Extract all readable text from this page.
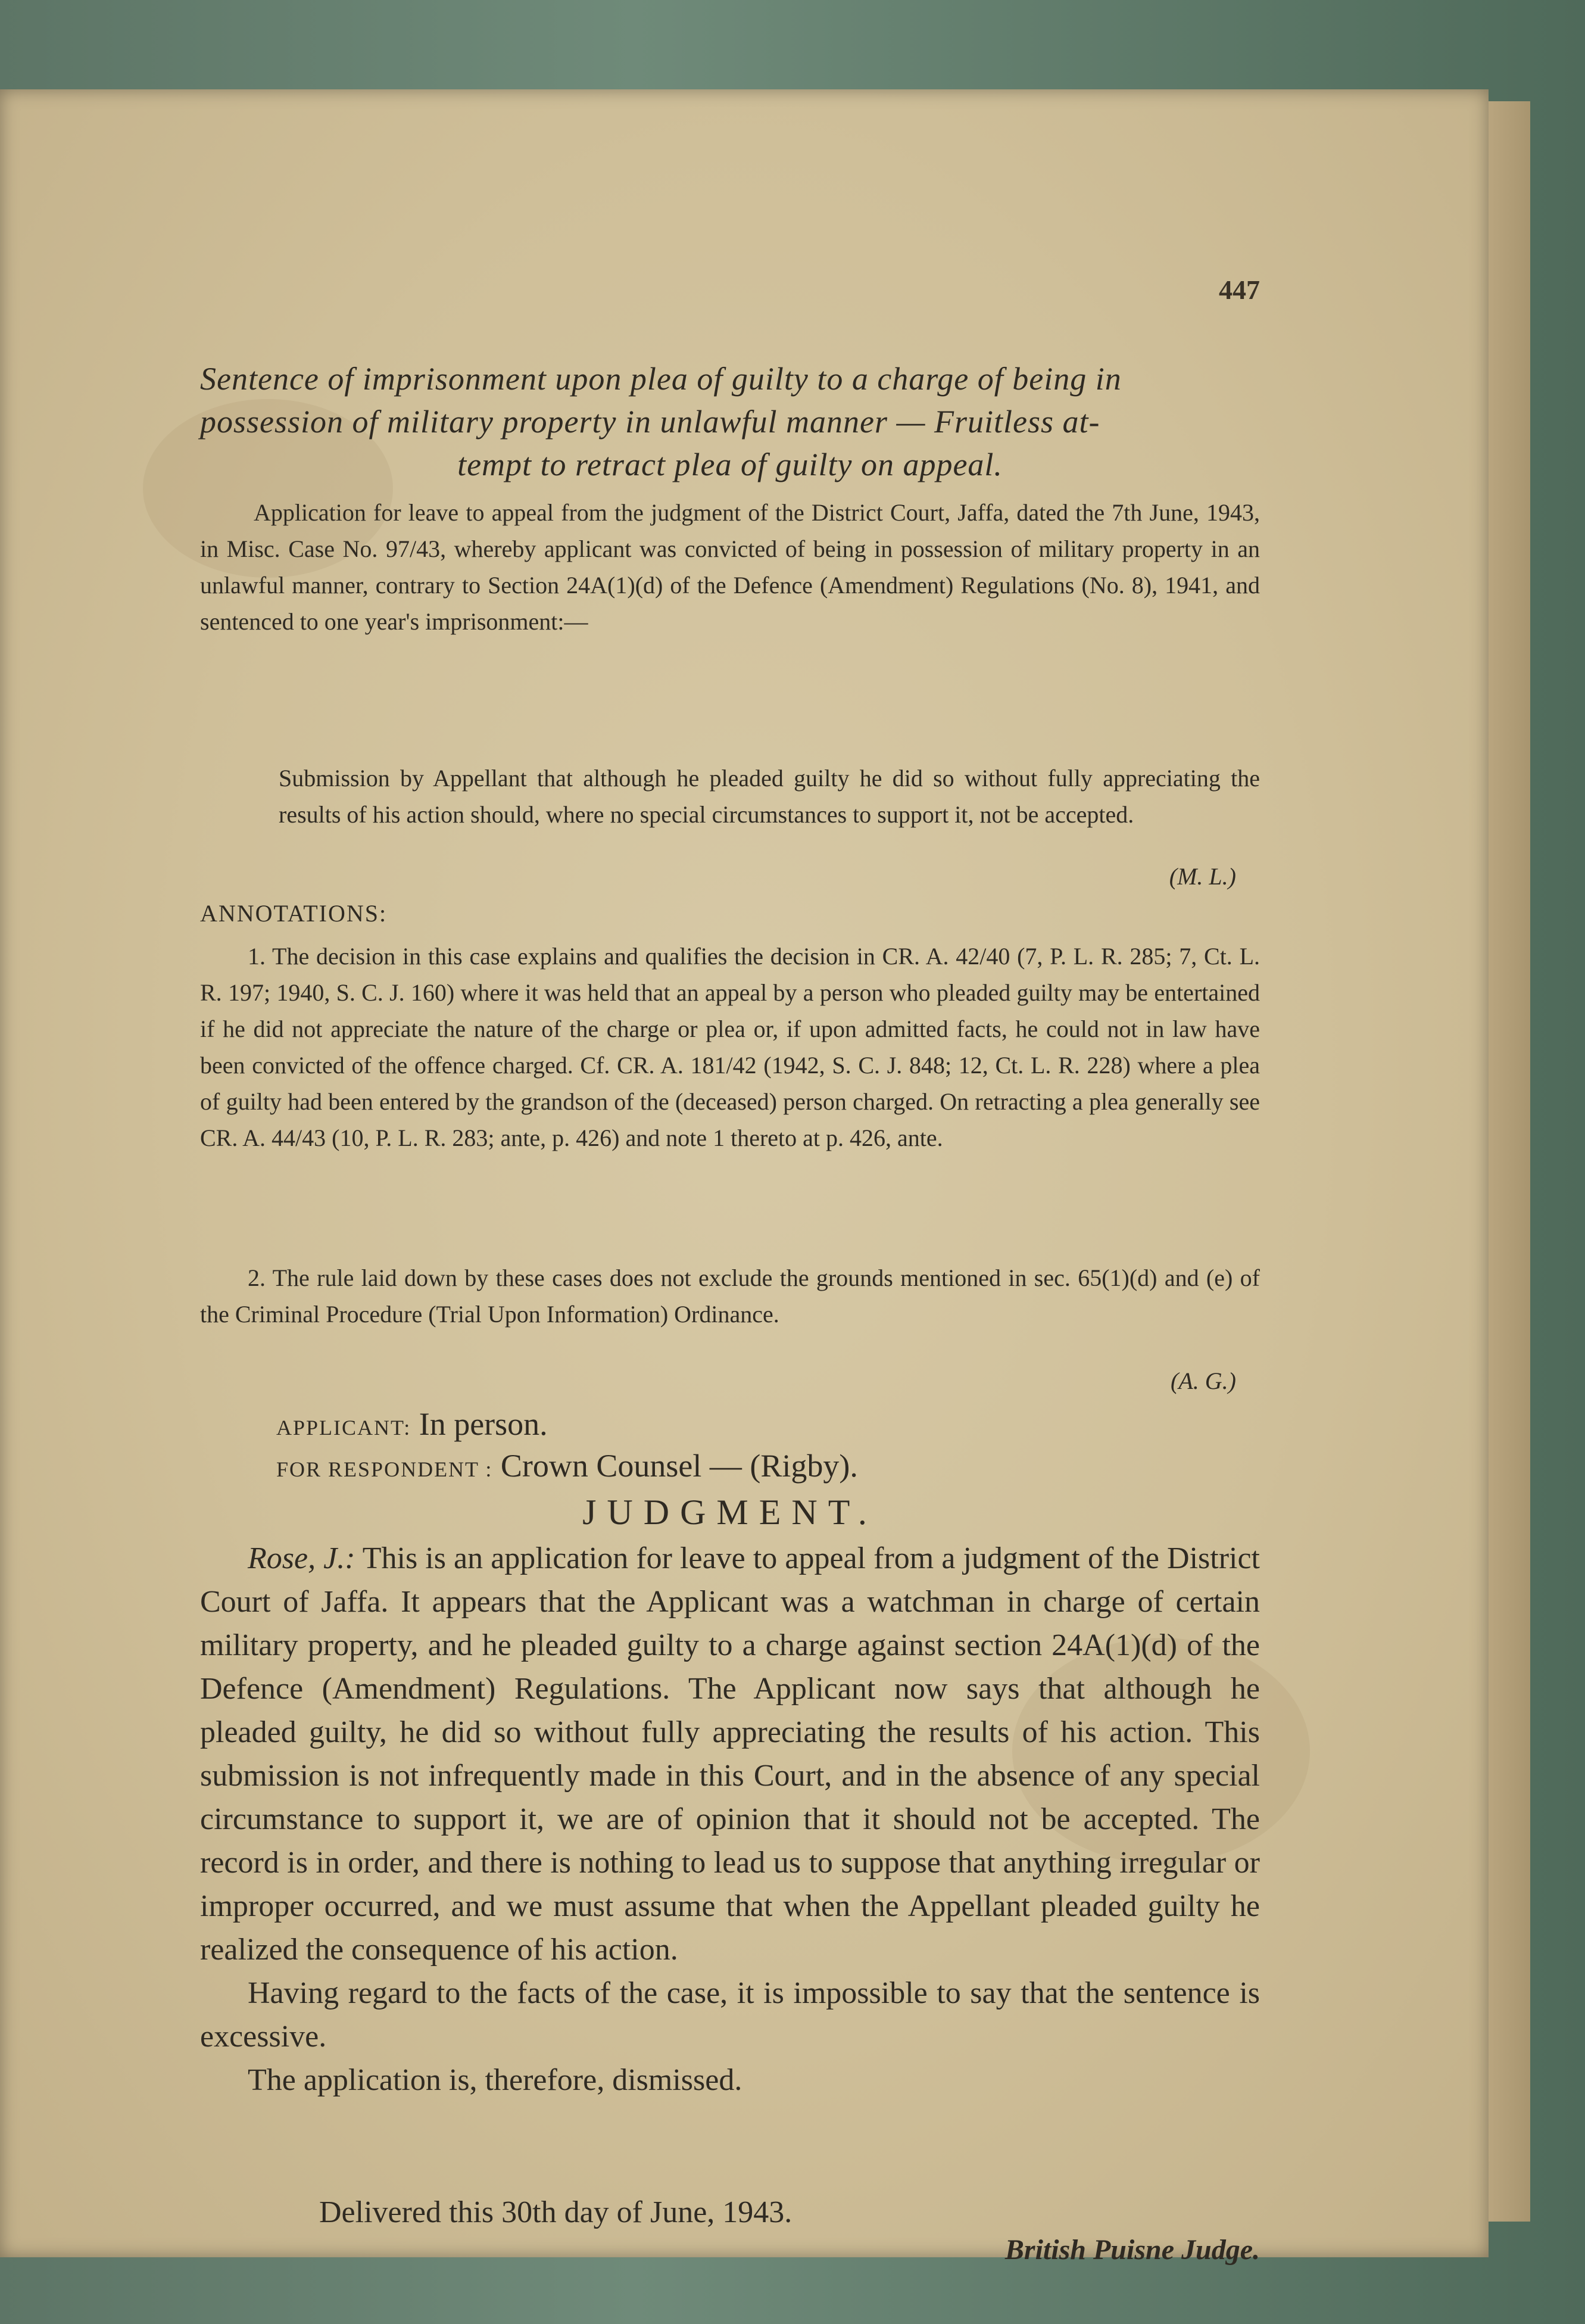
447
Sentence of imprisonment upon plea of guilty to a charge of being in
possession of military property in unlawful manner — Fruitless at-
tempt to retract plea of guilty on appeal.
Application for leave to appeal from the judgment of the District Court, Jaffa, dated the 7th June, 1943, in Misc. Case No. 97/43, whereby applicant was convicted of being in possession of military property in an unlawful manner, contrary to Section 24A(1)(d) of the Defence (Amendment) Regulations (No. 8), 1941, and sentenced to one year's imprisonment:—
Submission by Appellant that although he pleaded guilty he did so without fully appreciating the results of his action should, where no special circumstances to support it, not be accepted.
(M. L.)
ANNOTATIONS:
1. The decision in this case explains and qualifies the decision in CR. A. 42/40 (7, P. L. R. 285; 7, Ct. L. R. 197; 1940, S. C. J. 160) where it was held that an appeal by a person who pleaded guilty may be entertained if he did not appreciate the nature of the charge or plea or, if upon admitted facts, he could not in law have been convicted of the offence charged. Cf. CR. A. 181/42 (1942, S. C. J. 848; 12, Ct. L. R. 228) where a plea of guilty had been entered by the grandson of the (deceased) person charged. On retracting a plea generally see CR. A. 44/43 (10, P. L. R. 283; ante, p. 426) and note 1 thereto at p. 426, ante.
2. The rule laid down by these cases does not exclude the grounds mentioned in sec. 65(1)(d) and (e) of the Criminal Procedure (Trial Upon Information) Ordinance.
(A. G.)
APPLICANT: In person.
FOR RESPONDENT : Crown Counsel — (Rigby).
JUDGMENT.

Rose, J.: This is an application for leave to appeal from a judgment of the District Court of Jaffa. It appears that the Applicant was a watchman in charge of certain military property, and he pleaded guilty to a charge against section 24A(1)(d) of the Defence (Amendment) Regulations. The Applicant now says that although he pleaded guilty, he did so without fully appreciating the results of his action. This submission is not infrequently made in this Court, and in the absence of any special circumstance to support it, we are of opinion that it should not be accepted. The record is in order, and there is nothing to lead us to suppose that anything irregular or improper occurred, and we must assume that when the Appellant pleaded guilty he realized the consequence of his action.

Having regard to the facts of the case, it is impossible to say that the sentence is excessive.

The application is, therefore, dismissed.

Delivered this 30th day of June, 1943.
British Puisne Judge.
